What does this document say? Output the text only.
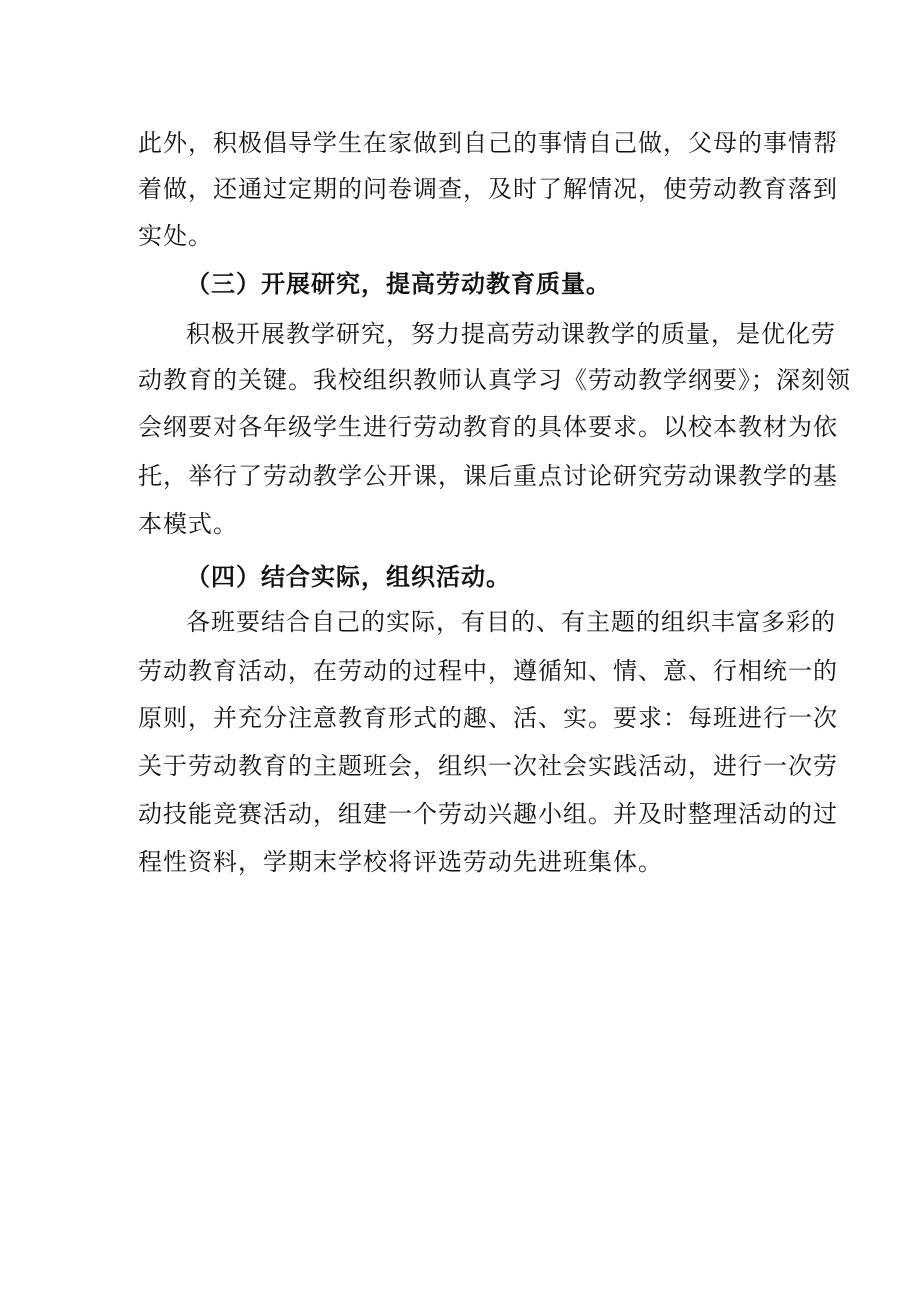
此外，积极倡导学生在家做到自己的事情自己做，父母的事情帮
着做，还通过定期的问卷调查，及时了解情况，使劳动教育落到
实处。
（三）开展研究，提高劳动教育质量。
积极开展教学研究，努力提高劳动课教学的质量，是优化劳
动教育的关键。我校组织教师认真学习《劳动教学纲要》；深刻领
会纲要对各年级学生进行劳动教育的具体要求。以校本教材为依
托，举行了劳动教学公开课，课后重点讨论研究劳动课教学的基
本模式。
（四）结合实际，组织活动。
各班要结合自己的实际，有目的、有主题的组织丰富多彩的
劳动教育活动，在劳动的过程中，遵循知、情、意、行相统一的
原则，并充分注意教育形式的趣、活、实。要求：每班进行一次
关于劳动教育的主题班会，组织一次社会实践活动，进行一次劳
动技能竞赛活动，组建一个劳动兴趣小组。并及时整理活动的过
程性资料，学期末学校将评选劳动先进班集体。
